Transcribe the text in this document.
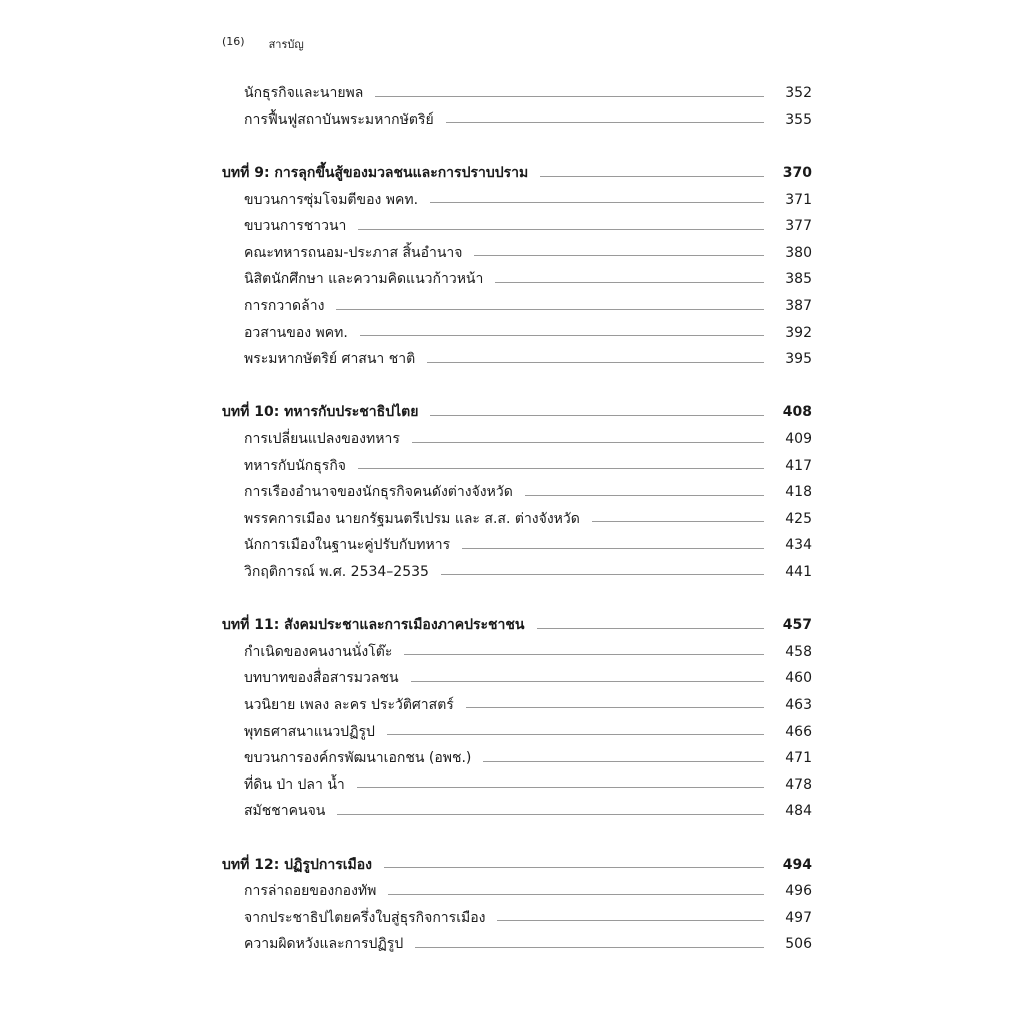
(16) สารบัญ
นักธุรกิจและนายพล	352
การฟื้นฟูสถาบันพระมหากษัตริย์	355
บทที่ 9: การลุกขึ้นสู้ของมวลชนและการปราบปราม	370
ขบวนการซุ่มโจมตีของ พคท.	371
ขบวนการชาวนา	377
คณะทหารถนอม-ประภาส สิ้นอำนาจ	380
นิสิตนักศึกษา และความคิดแนวก้าวหน้า	385
การกวาดล้าง	387
อวสานของ พคท.	392
พระมหากษัตริย์ ศาสนา ชาติ	395
บทที่ 10: ทหารกับประชาธิปไตย	408
การเปลี่ยนแปลงของทหาร	409
ทหารกับนักธุรกิจ	417
การเรืองอำนาจของนักธุรกิจคนดังต่างจังหวัด	418
พรรคการเมือง นายกรัฐมนตรีเปรม และ ส.ส. ต่างจังหวัด	425
นักการเมืองในฐานะคู่ปรับกับทหาร	434
วิกฤติการณ์ พ.ศ. 2534–2535	441
บทที่ 11: สังคมประชาและการเมืองภาคประชาชน	457
กำเนิดของคนงานนั่งโต๊ะ	458
บทบาทของสื่อสารมวลชน	460
นวนิยาย เพลง ละคร ประวัติศาสตร์	463
พุทธศาสนาแนวปฏิรูป	466
ขบวนการองค์กรพัฒนาเอกชน (อพช.)	471
ที่ดิน ป่า ปลา น้ำ	478
สมัชชาคนจน	484
บทที่ 12: ปฏิรูปการเมือง	494
การล่าถอยของกองทัพ	496
จากประชาธิปไตยครึ่งใบสู่ธุรกิจการเมือง	497
ความผิดหวังและการปฏิรูป	506
